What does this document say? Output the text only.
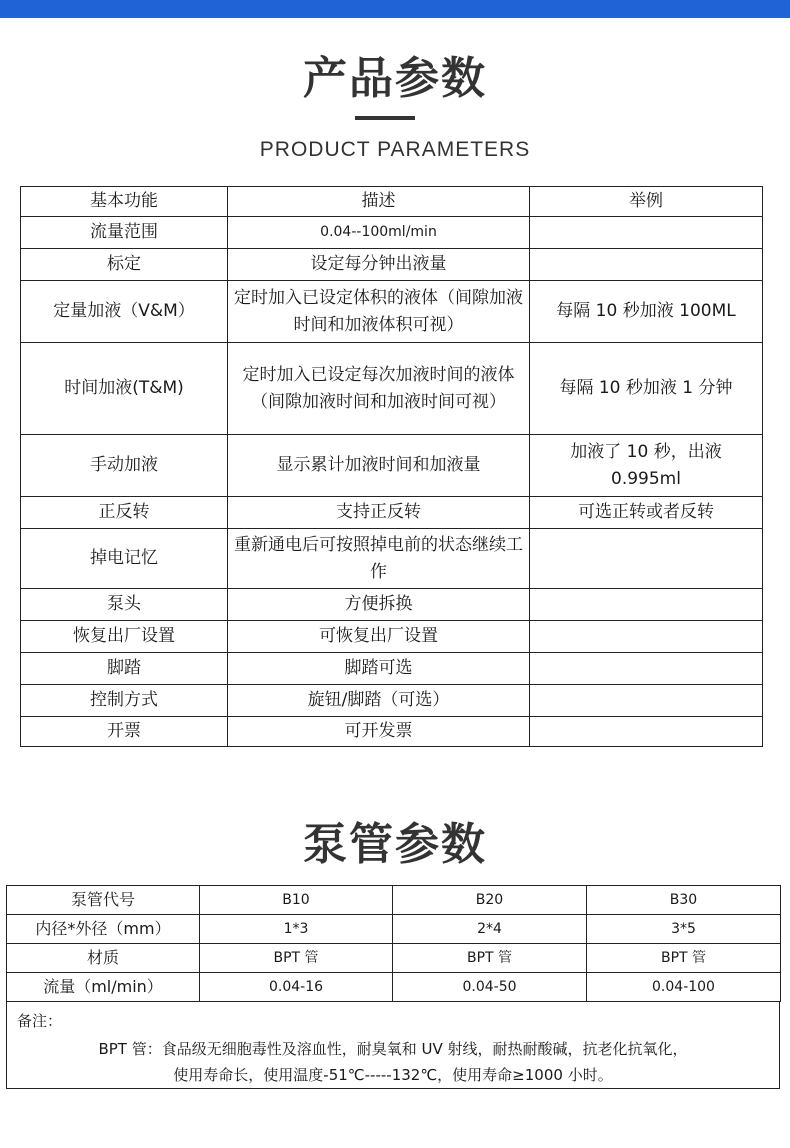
产品参数
PRODUCT PARAMETERS
基本功能	描述	举例
流量范围	0.04--100ml/min	
标定	设定每分钟出液量	
定量加液（V&M）	定时加入已设定体积的液体（间隙加液时间和加液体积可视）	每隔 10 秒加液 100ML
时间加液(T&M)	定时加入已设定每次加液时间的液体（间隙加液时间和加液时间可视）	每隔 10 秒加液 1 分钟
手动加液	显示累计加液时间和加液量	加液了 10 秒，出液 0.995ml
正反转	支持正反转	可选正转或者反转
掉电记忆	重新通电后可按照掉电前的状态继续工作	
泵头	方便拆换	
恢复出厂设置	可恢复出厂设置	
脚踏	脚踏可选	
控制方式	旋钮/脚踏（可选）	
开票	可开发票	
泵管参数
泵管代号	B10	B20	B30
内径*外径（mm）	1*3	2*4	3*5
材质	BPT 管	BPT 管	BPT 管
流量（ml/min）	0.04-16	0.04-50	0.04-100
备注：
BPT 管：食品级无细胞毒性及溶血性，耐臭氧和 UV 射线，耐热耐酸碱，抗老化抗氧化，
使用寿命长，使用温度-51℃-----132℃，使用寿命≥1000 小时。
